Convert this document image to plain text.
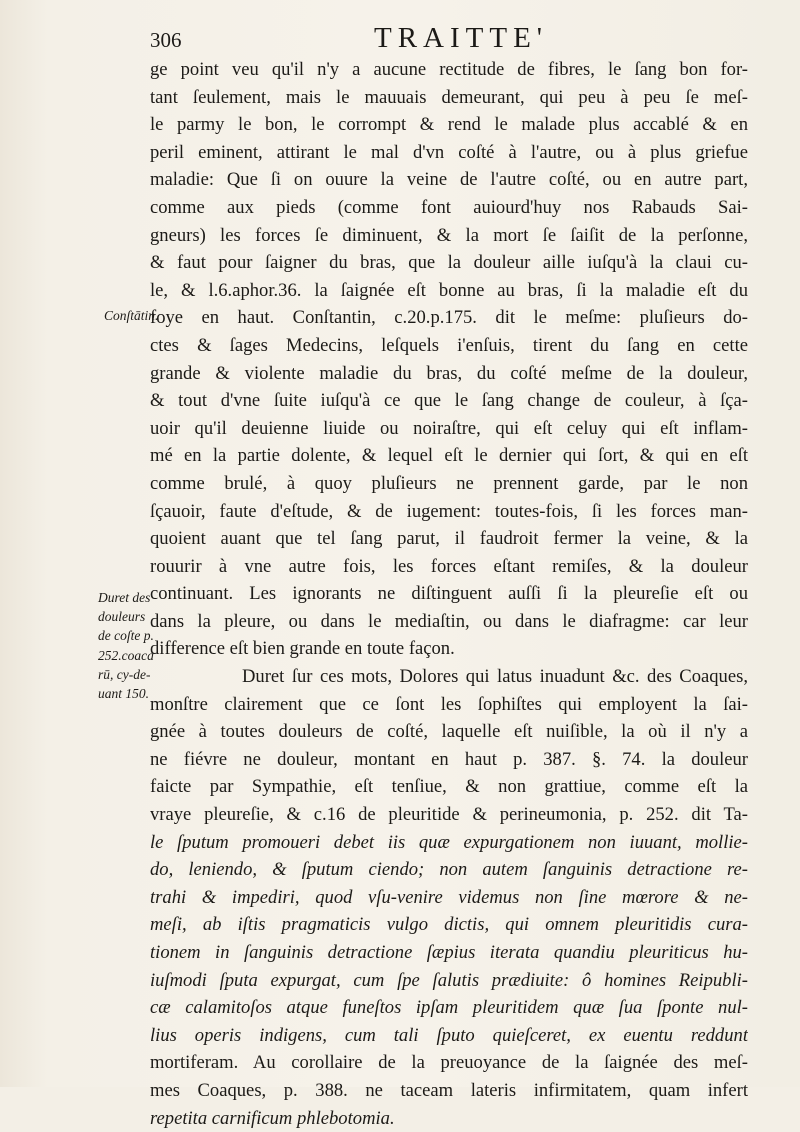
306	TRAITTE'
Conſtātin.
Duret des
douleurs
de coſte p.
252.coaca
rū, cy-de-
uant 150.
ge point veu qu'il n'y a aucune rectitude de fibres, le ſang bon for-
tant ſeulement, mais le mauuais demeurant, qui peu à peu ſe meſ-
le parmy le bon, le corrompt & rend le malade plus accablé & en
peril eminent, attirant le mal d'vn coſté à l'autre, ou à plus griefue
maladie: Que ſi on ouure la veine de l'autre coſté, ou en autre part,
comme aux pieds (comme font auiourd'huy nos Rabauds Sai-
gneurs) les forces ſe diminuent, & la mort ſe ſaiſit de la perſonne,
& faut pour ſaigner du bras, que la douleur aille iuſqu'à la claui cu-
le, & l.6.aphor.36. la ſaignée eſt bonne au bras, ſi la maladie eſt du
foye en haut. Conſtantin, c.20.p.175. dit le meſme: pluſieurs do-
ctes & ſages Medecins, leſquels i'enſuis, tirent du ſang en cette
grande & violente maladie du bras, du coſté meſme de la douleur,
& tout d'vne ſuite iuſqu'à ce que le ſang change de couleur, à ſça-
uoir qu'il deuienne liuide ou noiraſtre, qui eſt celuy qui eſt inflam-
mé en la partie dolente, & lequel eſt le dernier qui ſort, & qui en eſt
comme brulé, à quoy pluſieurs ne prennent garde, par le non
ſçauoir, faute d'eſtude, & de iugement: toutes-fois, ſi les forces man-
quoient auant que tel ſang parut, il faudroit fermer la veine, & la
rouurir à vne autre fois, les forces eſtant remiſes, & la douleur
continuant. Les ignorants ne diſtinguent auſſi ſi la pleureſie eſt ou
dans la pleure, ou dans le mediaſtin, ou dans le diafragme: car leur
difference eſt bien grande en toute façon.
Duret ſur ces mots, Dolores qui latus inuadunt &c. des Coaques,
monſtre clairement que ce ſont les ſophiſtes qui employent la ſai-
gnée à toutes douleurs de coſté, laquelle eſt nuiſible, la où il n'y a
ne fiévre ne douleur, montant en haut p. 387. §. 74. la douleur
faicte par Sympathie, eſt tenſiue, & non grattiue, comme eſt la
vraye pleureſie, & c.16 de pleuritide & perineumonia, p. 252. dit Ta-
le ſputum promoueri debet iis quæ expurgationem non iuuant, mollie-
do, leniendo, & ſputum ciendo; non autem ſanguinis detractione re-
trahi & impediri, quod vſu-venire videmus non ſine mœrore & ne-
meſi, ab iſtis pragmaticis vulgo dictis, qui omnem pleuritidis cura-
tionem in ſanguinis detractione ſæpius iterata quandiu pleuriticus hu-
iuſmodi ſputa expurgat, cum ſpe ſalutis prædiuite: ô homines Reipubli-
cæ calamitoſos atque funeſtos ipſam pleuritidem quæ ſua ſponte nul-
lius operis indigens, cum tali ſputo quieſceret, ex euentu reddunt
mortiferam. Au corollaire de la preuoyance de la ſaignée des meſ-
mes Coaques, p. 388. ne taceam lateris infirmitatem, quam infert
repetita carnificum phlebotomia.
